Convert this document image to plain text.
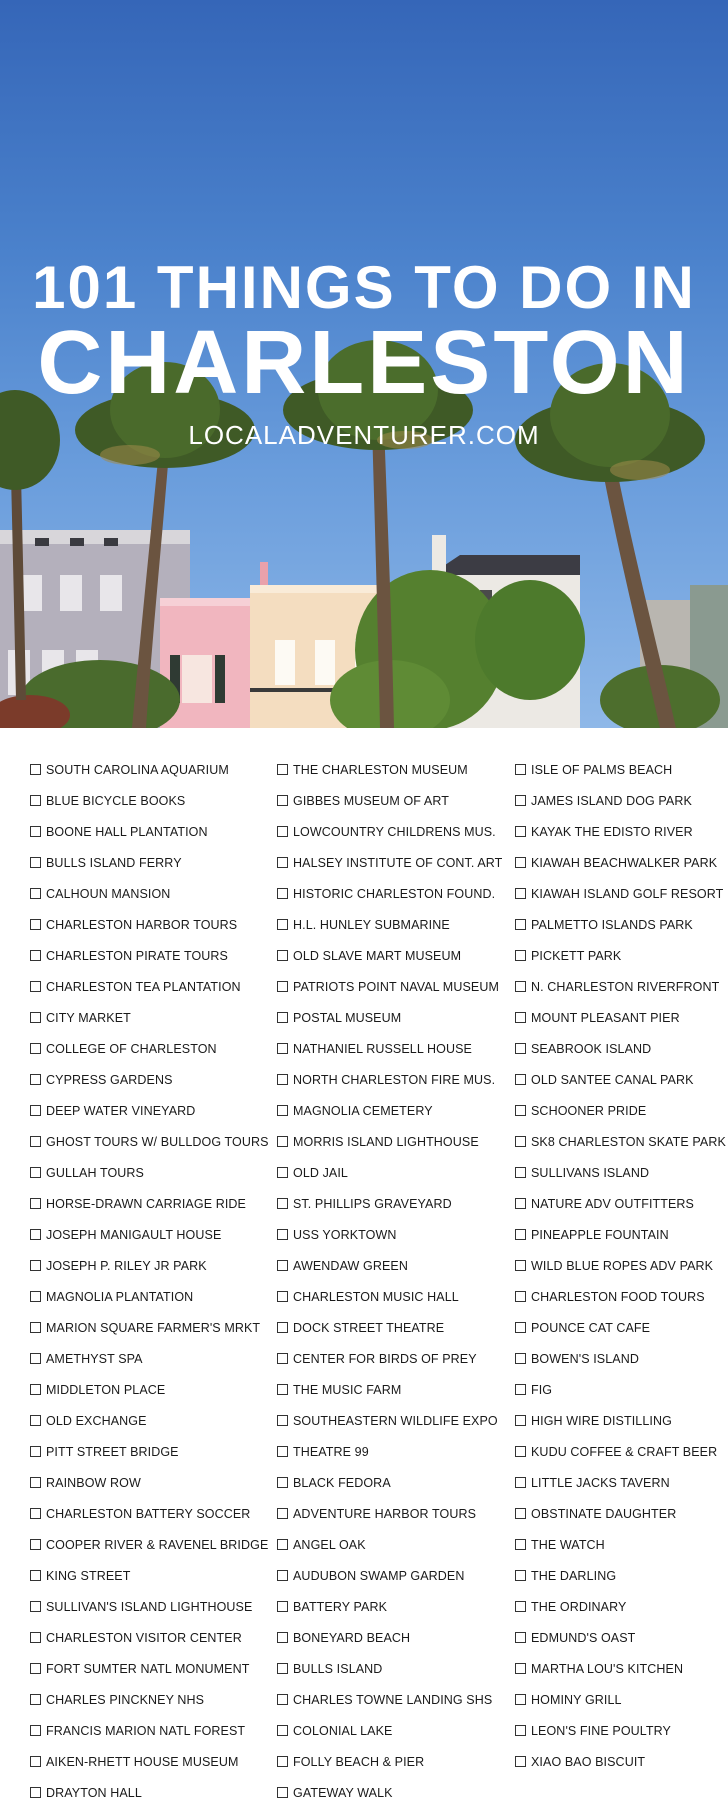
101 THINGS TO DO IN
CHARLESTON
LOCALADVENTURER.COM
SOUTH CAROLINA AQUARIUM
BLUE BICYCLE BOOKS
BOONE HALL PLANTATION
BULLS ISLAND FERRY
CALHOUN MANSION
CHARLESTON HARBOR TOURS
CHARLESTON PIRATE TOURS
CHARLESTON TEA PLANTATION
CITY MARKET
COLLEGE OF CHARLESTON
CYPRESS GARDENS
DEEP WATER VINEYARD
GHOST TOURS W/ BULLDOG TOURS
GULLAH TOURS
HORSE-DRAWN CARRIAGE RIDE
JOSEPH MANIGAULT HOUSE
JOSEPH P. RILEY JR PARK
MAGNOLIA PLANTATION
MARION SQUARE FARMER'S MRKT
AMETHYST SPA
MIDDLETON PLACE
OLD EXCHANGE
PITT STREET BRIDGE
RAINBOW ROW
CHARLESTON BATTERY SOCCER
COOPER RIVER & RAVENEL BRIDGE
KING STREET
SULLIVAN'S ISLAND LIGHTHOUSE
CHARLESTON VISITOR CENTER
FORT SUMTER NATL MONUMENT
CHARLES PINCKNEY NHS
FRANCIS MARION NATL FOREST
AIKEN-RHETT HOUSE MUSEUM
DRAYTON HALL
THE CHARLESTON MUSEUM
GIBBES MUSEUM OF ART
LOWCOUNTRY CHILDRENS MUS.
HALSEY INSTITUTE OF CONT. ART
HISTORIC CHARLESTON FOUND.
H.L. HUNLEY SUBMARINE
OLD SLAVE MART MUSEUM
PATRIOTS POINT NAVAL MUSEUM
POSTAL MUSEUM
NATHANIEL RUSSELL HOUSE
NORTH CHARLESTON FIRE MUS.
MAGNOLIA CEMETERY
MORRIS ISLAND LIGHTHOUSE
OLD JAIL
ST. PHILLIPS GRAVEYARD
USS YORKTOWN
AWENDAW GREEN
CHARLESTON MUSIC HALL
DOCK STREET THEATRE
CENTER FOR BIRDS OF PREY
THE MUSIC FARM
SOUTHEASTERN WILDLIFE EXPO
THEATRE 99
BLACK FEDORA
ADVENTURE HARBOR TOURS
ANGEL OAK
AUDUBON SWAMP GARDEN
BATTERY PARK
BONEYARD BEACH
BULLS ISLAND
CHARLES TOWNE LANDING SHS
COLONIAL LAKE
FOLLY BEACH & PIER
GATEWAY WALK
ISLE OF PALMS BEACH
JAMES ISLAND DOG PARK
KAYAK THE EDISTO RIVER
KIAWAH BEACHWALKER PARK
KIAWAH ISLAND GOLF RESORT
PALMETTO ISLANDS PARK
PICKETT PARK
N. CHARLESTON RIVERFRONT
MOUNT PLEASANT PIER
SEABROOK ISLAND
OLD SANTEE CANAL PARK
SCHOONER PRIDE
SK8 CHARLESTON SKATE PARK
SULLIVANS ISLAND
NATURE ADV OUTFITTERS
PINEAPPLE FOUNTAIN
WILD BLUE ROPES ADV PARK
CHARLESTON FOOD TOURS
POUNCE CAT CAFE
BOWEN'S ISLAND
FIG
HIGH WIRE DISTILLING
KUDU COFFEE & CRAFT BEER
LITTLE JACKS TAVERN
OBSTINATE DAUGHTER
THE WATCH
THE DARLING
THE ORDINARY
EDMUND'S OAST
MARTHA LOU'S KITCHEN
HOMINY GRILL
LEON'S FINE POULTRY
XIAO BAO BISCUIT
